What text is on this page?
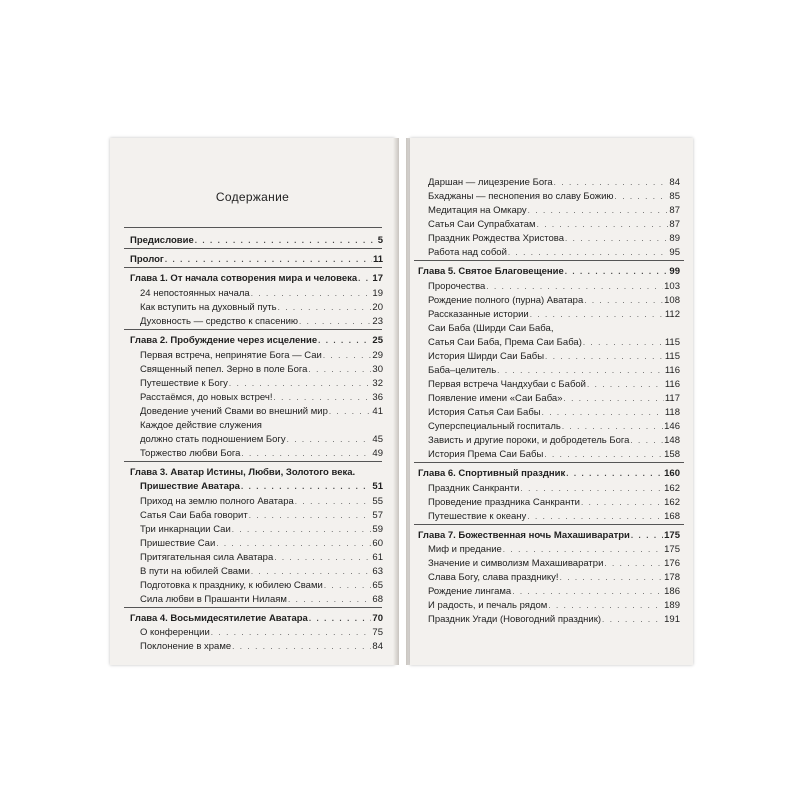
Содержание
Предисловие . . .	5
Пролог . . .	11
Глава 1. От начала сотворения мира и человека . . . 17
24 непостоянных начала . . .	19
Как вступить на духовный путь . . .	20
Духовность — средство к спасению . . .	23
Глава 2. Пробуждение через исцеление . . .	25
Первая встреча, непринятие Бога — Саи . . .	29
Священный пепел. Зерно в поле Бога . . .	30
Путешествие к Богу . . .	32
Расстаёмся, до новых встреч! . . .	36
Доведение учений Свами во внешний мир . . .	41
Каждое действие служения
должно стать подношением Богу . . .	45
Торжество любви Бога . . .	49
Глава 3. Аватар Истины, Любви, Золотого века.
Пришествие Аватара . . .	51
Приход на землю полного Аватара . . .	55
Сатья Саи Баба говорит . . .	57
Три инкарнации Саи . . .	59
Пришествие Саи . . .	60
Притягательная сила Аватара . . .	61
В пути на юбилей Свами . . .	63
Подготовка к празднику, к юбилею Свами . . .	65
Сила любви в Прашанти Нилаям . . .	68
Глава 4. Восьмидесятилетие Аватара . . .	70
О конференции . . .	75
Поклонение в храме . . .	84
Даршан — лицезрение Бога . . .	84
Бхаджаны — песнопения во славу Божию . . .	85
Медитация на Омкару . . .	87
Сатья Саи Супрабхатам . . .	87
Праздник Рождества Христова . . .	89
Работа над собой . . .	95
Глава 5. Святое Благовещение . . .	99
Пророчества . . .	103
Рождение полного (пурна) Аватара . . .	108
Рассказанные истории . . .	112
Саи Баба (Ширди Саи Баба,
Сатья Саи Баба, Према Саи Баба) . . .	115
История Ширди Саи Бабы . . .	115
Баба–целитель . . .	116
Первая встреча Чандхубаи с Бабой . . .	116
Появление имени «Саи Баба» . . .	117
История Сатья Саи Бабы . . .	118
Суперспециальный госпиталь . . .	146
Зависть и другие пороки, и добродетель Бога . . .	148
История Према Саи Бабы . . .	158
Глава 6. Спортивный праздник . . .	160
Праздник Санкранти . . .	162
Проведение праздника Санкранти . . .	162
Путешествие к океану . . .	168
Глава 7. Божественная ночь Махашиваратри . . .	175
Миф и предание . . .	175
Значение и символизм Махашиваратри . . .	176
Слава Богу, слава празднику! . . .	178
Рождение лингама . . .	186
И радость, и печаль рядом . . .	189
Праздник Угади (Новогодний праздник) . . .	191
